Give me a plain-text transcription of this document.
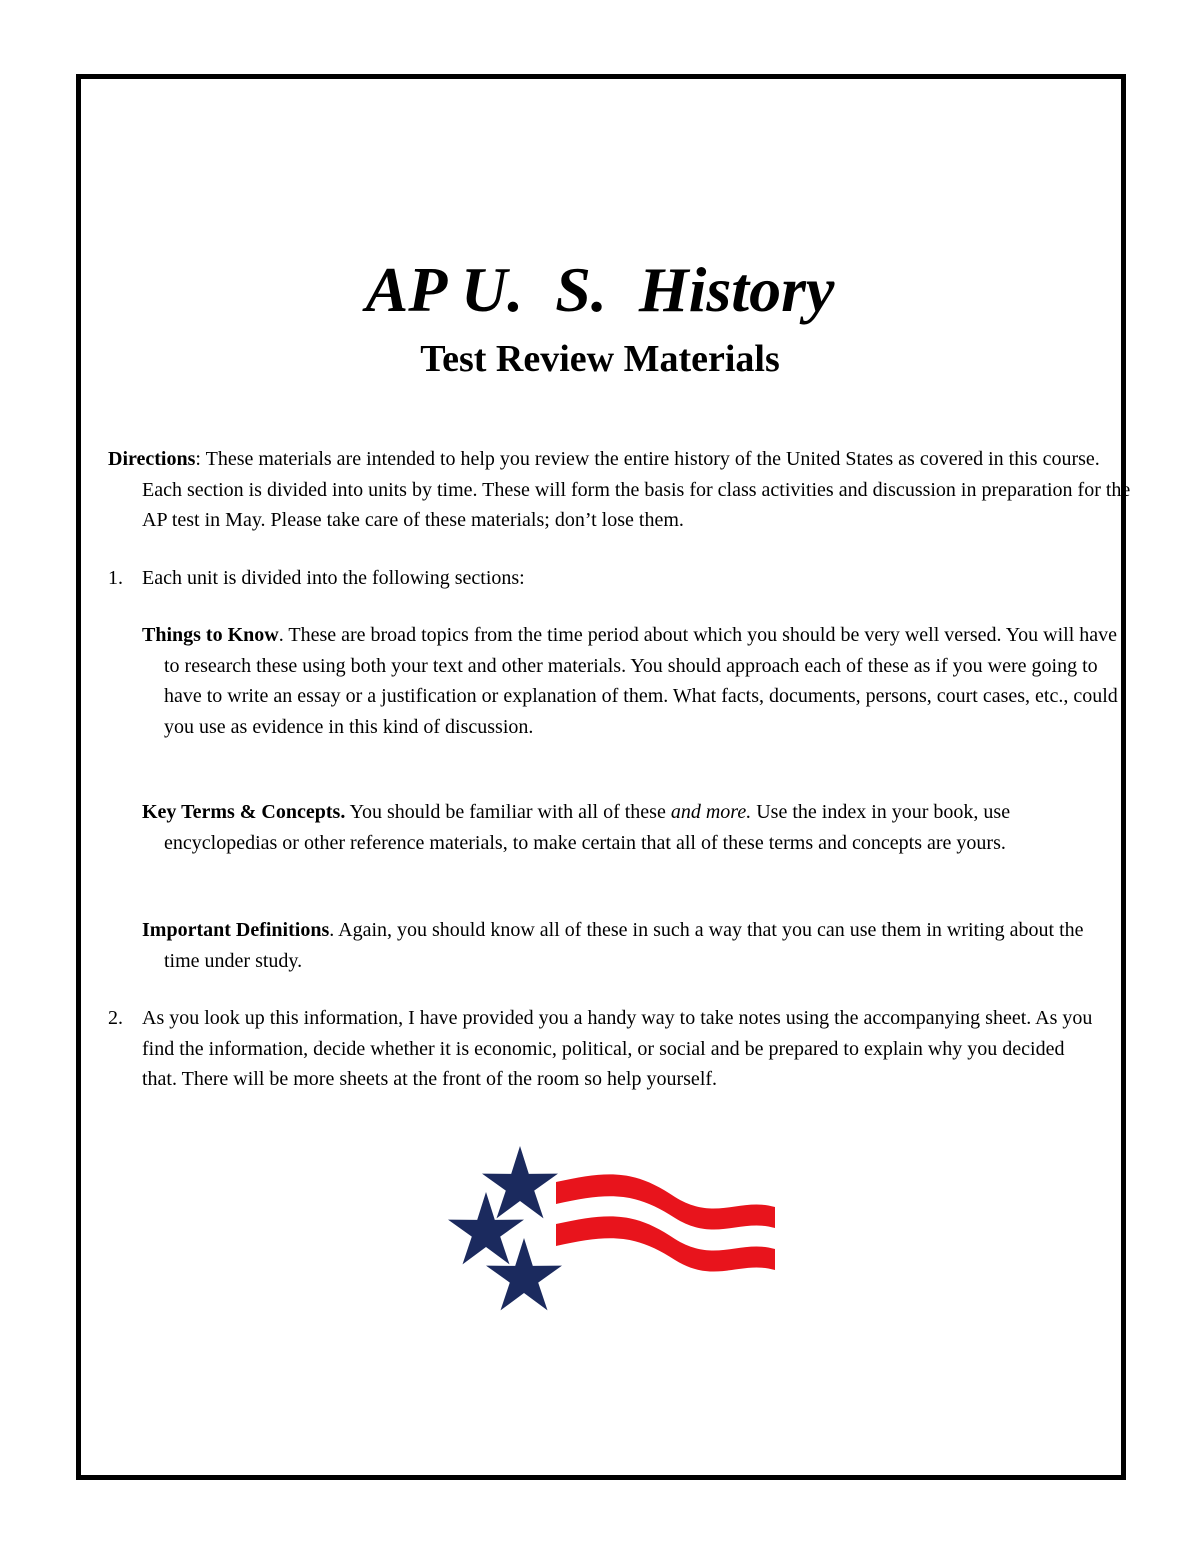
AP U.  S.  History
Test Review Materials

Directions: These materials are intended to help you review the entire history of the United States as covered in this course. Each section is divided into units by time. These will form the basis for class activities and discussion in preparation for the AP test in May. Please take care of these materials; don’t lose them.

1. Each unit is divided into the following sections:

Things to Know. These are broad topics from the time period about which you should be very well versed. You will have to research these using both your text and other materials. You should approach each of these as if you were going to have to write an essay or a justification or explanation of them. What facts, documents, persons, court cases, etc., could you use as evidence in this kind of discussion.

Key Terms & Concepts. You should be familiar with all of these and more. Use the index in your book, use encyclopedias or other reference materials, to make certain that all of these terms and concepts are yours.

Important Definitions. Again, you should know all of these in such a way that you can use them in writing about the time under study.

2. As you look up this information, I have provided you a handy way to take notes using the accompanying sheet. As you find the information, decide whether it is economic, political, or social and be prepared to explain why you decided that. There will be more sheets at the front of the room so help yourself.
